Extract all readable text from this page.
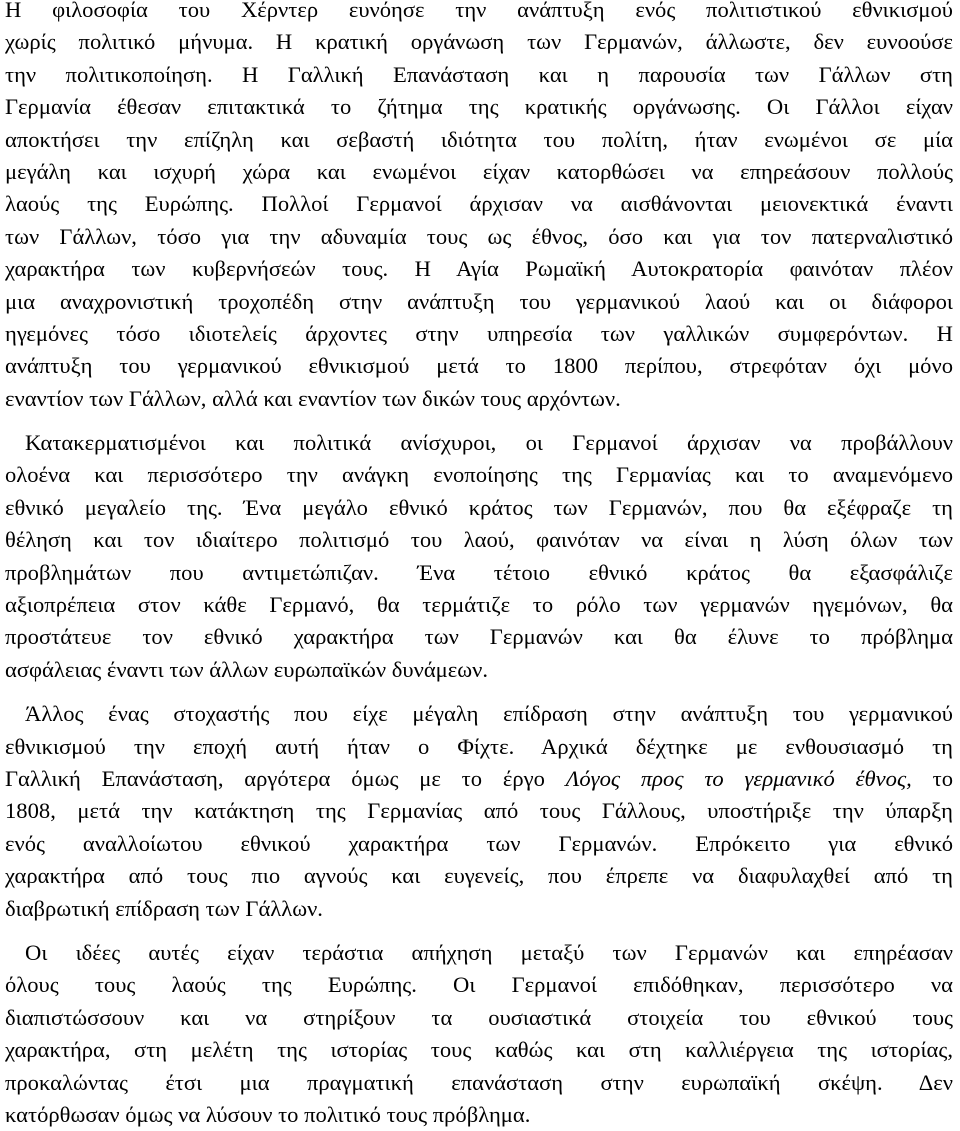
Η φιλοσοφία του Χέρντερ ευνόησε την ανάπτυξη ενός πολιτιστικού εθνικισμού
χωρίς πολιτικό μήνυμα. Η κρατική οργάνωση των Γερμανών, άλλωστε, δεν ευνοούσε
την πολιτικοποίηση. Η Γαλλική Επανάσταση και η παρουσία των Γάλλων στη
Γερμανία έθεσαν επιτακτικά το ζήτημα της κρατικής οργάνωσης. Οι Γάλλοι είχαν
αποκτήσει την επίζηλη και σεβαστή ιδιότητα του πολίτη, ήταν ενωμένοι σε μία
μεγάλη και ισχυρή χώρα και ενωμένοι είχαν κατορθώσει να επηρεάσουν πολλούς
λαούς της Ευρώπης. Πολλοί Γερμανοί άρχισαν να αισθάνονται μειονεκτικά έναντι
των Γάλλων, τόσο για την αδυναμία τους ως έθνος, όσο και για τον πατερναλιστικό
χαρακτήρα των κυβερνήσεών τους. Η Αγία Ρωμαϊκή Αυτοκρατορία φαινόταν πλέον
μια αναχρονιστική τροχοπέδη στην ανάπτυξη του γερμανικού λαού και οι διάφοροι
ηγεμόνες τόσο ιδιοτελείς άρχοντες στην υπηρεσία των γαλλικών συμφερόντων. Η
ανάπτυξη του γερμανικού εθνικισμού μετά το 1800 περίπου, στρεφόταν όχι μόνο
εναντίον των Γάλλων, αλλά και εναντίον των δικών τους αρχόντων.
Κατακερματισμένοι και πολιτικά ανίσχυροι, οι Γερμανοί άρχισαν να προβάλλουν
ολοένα και περισσότερο την ανάγκη ενοποίησης της Γερμανίας και το αναμενόμενο
εθνικό μεγαλείο της. Ένα μεγάλο εθνικό κράτος των Γερμανών, που θα εξέφραζε τη
θέληση και τον ιδιαίτερο πολιτισμό του λαού, φαινόταν να είναι η λύση όλων των
προβλημάτων που αντιμετώπιζαν. Ένα τέτοιο εθνικό κράτος θα εξασφάλιζε
αξιοπρέπεια στον κάθε Γερμανό, θα τερμάτιζε το ρόλο των γερμανών ηγεμόνων, θα
προστάτευε τον εθνικό χαρακτήρα των Γερμανών και θα έλυνε το πρόβλημα
ασφάλειας έναντι των άλλων ευρωπαϊκών δυνάμεων.
Άλλος ένας στοχαστής που είχε μέγαλη επίδραση στην ανάπτυξη του γερμανικού
εθνικισμού την εποχή αυτή ήταν ο Φίχτε. Αρχικά δέχτηκε με ενθουσιασμό τη
Γαλλική Επανάσταση, αργότερα όμως με το έργο Λόγος προς το γερμανικό έθνος, το
1808, μετά την κατάκτηση της Γερμανίας από τους Γάλλους, υποστήριξε την ύπαρξη
ενός αναλλοίωτου εθνικού χαρακτήρα των Γερμανών. Επρόκειτο για εθνικό
χαρακτήρα από τους πιο αγνούς και ευγενείς, που έπρεπε να διαφυλαχθεί από τη
διαβρωτική επίδραση των Γάλλων.
Οι ιδέες αυτές είχαν τεράστια απήχηση μεταξύ των Γερμανών και επηρέασαν
όλους τους λαούς της Ευρώπης. Οι Γερμανοί επιδόθηκαν, περισσότερο να
διαπιστώσσουν και να στηρίξουν τα ουσιαστικά στοιχεία του εθνικού τους
χαρακτήρα, στη μελέτη της ιστορίας τους καθώς και στη καλλιέργεια της ιστορίας,
προκαλώντας έτσι μια πραγματική επανάσταση στην ευρωπαϊκή σκέψη. Δεν
κατόρθωσαν όμως να λύσουν το πολιτικό τους πρόβλημα.
